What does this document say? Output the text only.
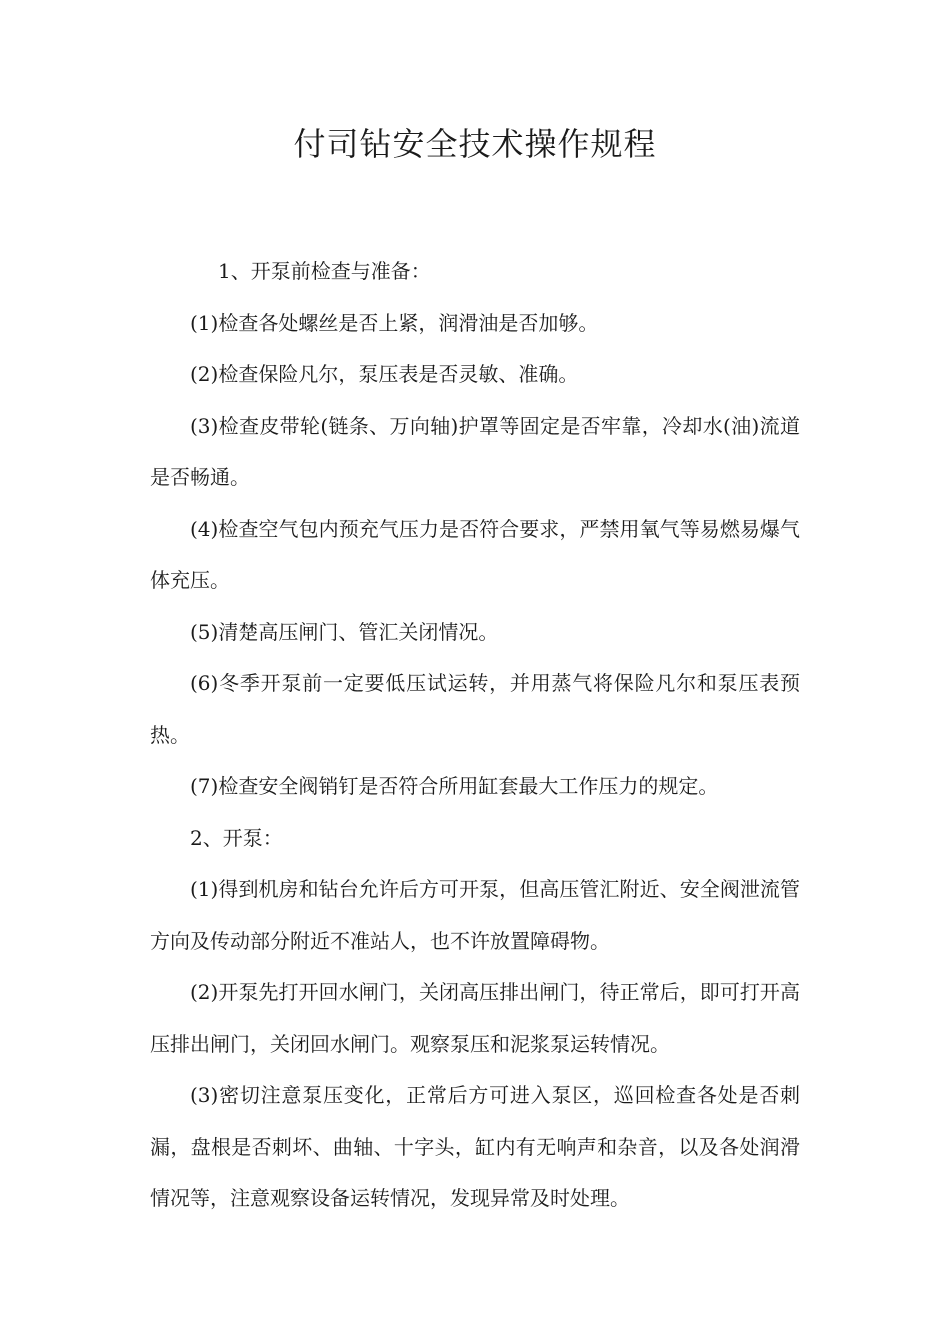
付司钻安全技术操作规程

1、开泵前检查与准备：

(1)检查各处螺丝是否上紧，润滑油是否加够。

(2)检查保险凡尔，泵压表是否灵敏、准确。

(3)检查皮带轮(链条、万向轴)护罩等固定是否牢靠，冷却水(油)流道是否畅通。

(4)检查空气包内预充气压力是否符合要求，严禁用氧气等易燃易爆气体充压。

(5)清楚高压闸门、管汇关闭情况。

(6)冬季开泵前一定要低压试运转，并用蒸气将保险凡尔和泵压表预热。

(7)检查安全阀销钉是否符合所用缸套最大工作压力的规定。

2、开泵：

(1)得到机房和钻台允许后方可开泵，但高压管汇附近、安全阀泄流管方向及传动部分附近不准站人，也不许放置障碍物。

(2)开泵先打开回水闸门，关闭高压排出闸门，待正常后，即可打开高压排出闸门，关闭回水闸门。观察泵压和泥浆泵运转情况。

(3)密切注意泵压变化，正常后方可进入泵区，巡回检查各处是否刺漏，盘根是否刺坏、曲轴、十字头，缸内有无响声和杂音，以及各处润滑情况等，注意观察设备运转情况，发现异常及时处理。
